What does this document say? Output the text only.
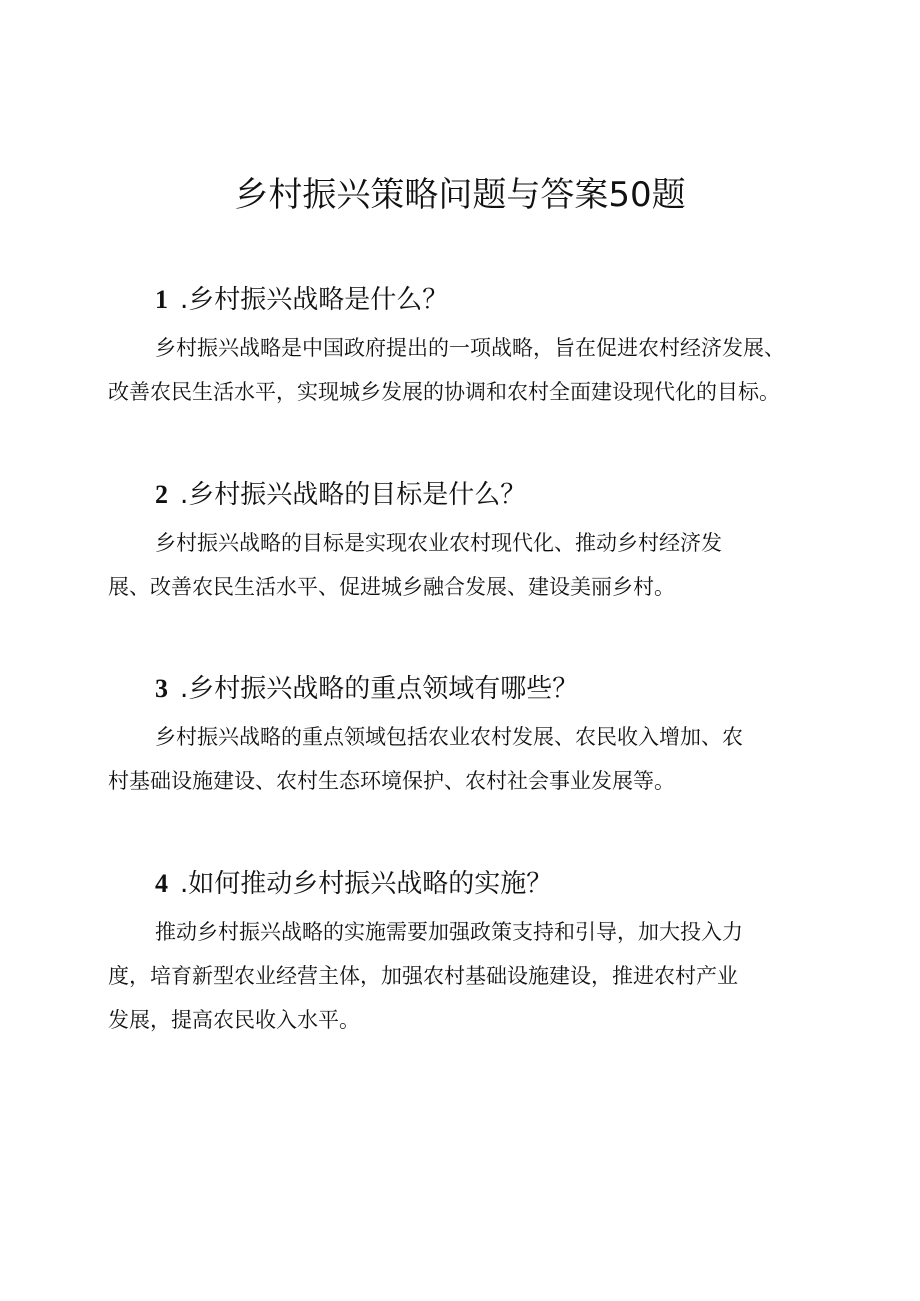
乡村振兴策略问题与答案50题

1 .乡村振兴战略是什么？

乡村振兴战略是中国政府提出的一项战略，旨在促进农村经济发展、
改善农民生活水平，实现城乡发展的协调和农村全面建设现代化的目标。

2 .乡村振兴战略的目标是什么？

乡村振兴战略的目标是实现农业农村现代化、推动乡村经济发
展、改善农民生活水平、促进城乡融合发展、建设美丽乡村。

3 .乡村振兴战略的重点领域有哪些？

乡村振兴战略的重点领域包括农业农村发展、农民收入增加、农
村基础设施建设、农村生态环境保护、农村社会事业发展等。

4 .如何推动乡村振兴战略的实施？

推动乡村振兴战略的实施需要加强政策支持和引导，加大投入力
度，培育新型农业经营主体，加强农村基础设施建设，推进农村产业
发展，提高农民收入水平。
